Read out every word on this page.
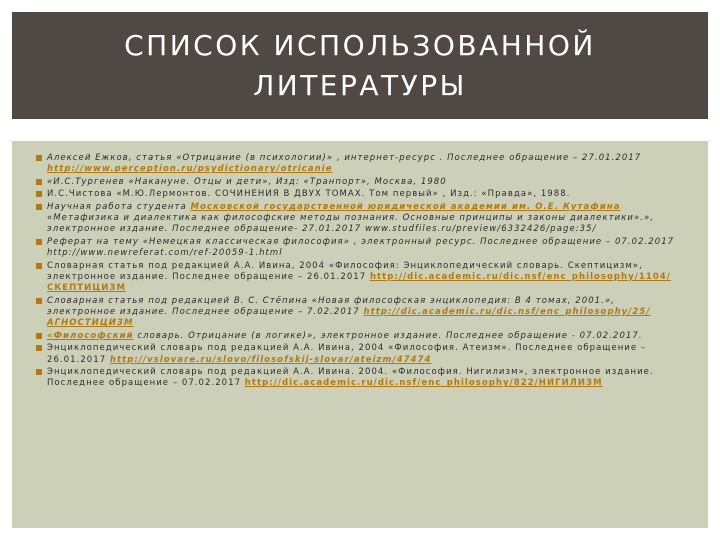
СПИСОК ИСПОЛЬЗОВАННОЙ ЛИТЕРАТУРЫ
Алексей Ежков, статья «Отрицание (в психологии)» , интернет-ресурс . Последнее обращение – 27.01.2017 http://www.perception.ru/psydictionary/otricanie
«И.С.Тургенев «Накануне. Отцы и дети», Изд: «Транпорт», Москва, 1980
И.С.Чистова «М.Ю.Лермонтов. СОЧИНЕНИЯ В ДВУХ ТОМАХ. Том первый» , Изд.: «Правда», 1988.
Научная работа студента Московской государственной юридической академии им. О.Е. Кутафина «Метафизика и диалектика как философские методы познания. Основные принципы и законы диалектики».», электронное издание. Последнее обращение- 27.01.2017 www.studfiles.ru/preview/6332426/page:35/
Реферат на тему «Немецкая классическая философия» , электронный ресурс. Последнее обращение – 07.02.2017 http://www.newreferat.com/ref-20059-1.html
Словарная статья под редакцией А.А. Ивина, 2004 «Философия: Энциклопедический словарь. Скептицизм», электронное издание. Последнее обращение – 26.01.2017 http://dic.academic.ru/dic.nsf/enc_philosophy/1104/СКЕПТИЦИЗМ
Словарная статья под редакцией В. С. Стёпина «Новая философская энциклопедия: В 4 томах, 2001.», электронное издание. Последнее обращение – 7.02.2017 http://dic.academic.ru/dic.nsf/enc_philosophy/25/АГНОСТИЦИЗМ
«Философский словарь. Отрицание (в логике)», электронное издание. Последнее обращение - 07.02.2017.
Энциклопедический словарь под редакцией А.А. Ивина, 2004 «Философия. Атеизм». Последнее обращение – 26.01.2017 http://vslovare.ru/slovo/filosofskij-slovar/ateizm/47474
Энциклопедический словарь под редакцией А.А. Ивина. 2004. «Философия. Нигилизм», электронное издание. Последнее обращение – 07.02.2017 http://dic.academic.ru/dic.nsf/enc_philosophy/822/НИГИЛИЗМ
